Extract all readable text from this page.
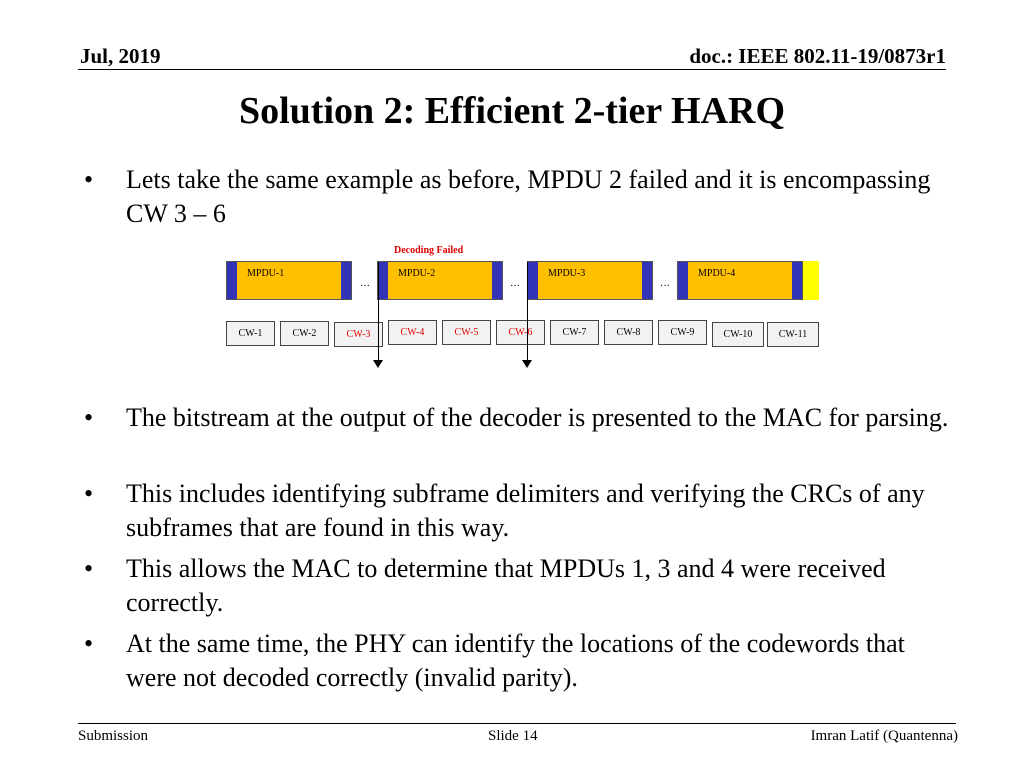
Jul, 2019	doc.: IEEE 802.11-19/0873r1
Solution 2: Efficient 2-tier HARQ
•	Lets take the same example as before, MPDU 2 failed and it is encompassing CW 3 – 6
Decoding Failed
MPDU-1	MPDU-2	MPDU-3	MPDU-4
…	…	…
CW-1	CW-2	CW-3	CW-4	CW-5	CW-6	CW-7	CW-8	CW-9	CW-10	CW-11
•	The bitstream at the output of the decoder is presented to the MAC for parsing.
•	This includes identifying subframe delimiters and verifying the CRCs of any subframes that are found in this way.
•	This allows the MAC to determine that MPDUs 1, 3 and 4 were received correctly.
•	At the same time, the PHY can identify the locations of the codewords that were not decoded correctly (invalid parity).
Submission	Slide 14	Imran Latif (Quantenna)
